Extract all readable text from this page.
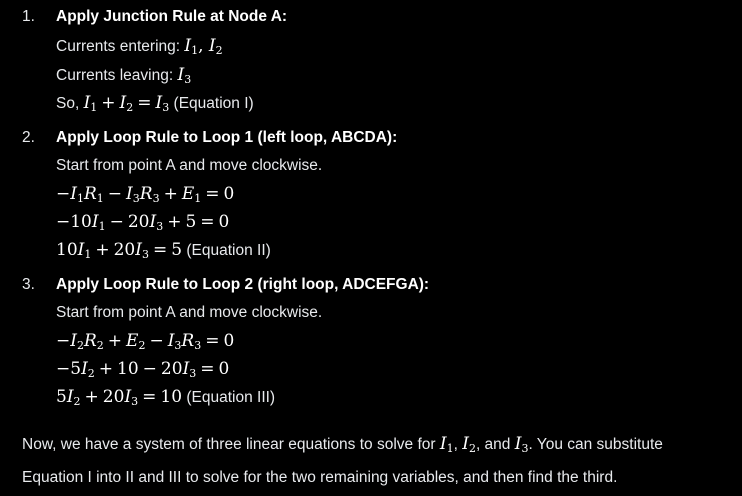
1.	Apply Junction Rule at Node A:
Currents entering: $I_1$, $I_2$
Currents leaving: $I_3$
So, $I_1 + I_2 = I_3$ (Equation I)
2.	Apply Loop Rule to Loop 1 (left loop, ABCDA):
Start from point A and move clockwise.
$-I_1R_1 - I_3R_3 + E_1 = 0$
$-10I_1 - 20I_3 + 5 = 0$
$10I_1 + 20I_3 = 5$ (Equation II)
3.	Apply Loop Rule to Loop 2 (right loop, ADCEFGA):
Start from point A and move clockwise.
$-I_2R_2 + E_2 - I_3R_3 = 0$
$-5I_2 + 10 - 20I_3 = 0$
$5I_2 + 20I_3 = 10$ (Equation III)
Now, we have a system of three linear equations to solve for $I_1$, $I_2$, and $I_3$. You can substitute Equation I into II and III to solve for the two remaining variables, and then find the third.
